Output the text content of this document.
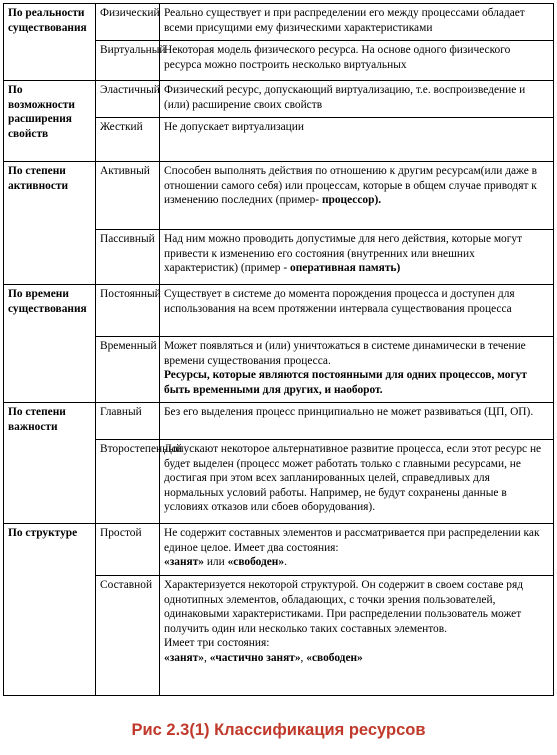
По реальности существования	Физический	Реально существует и при распределении его между процессами обладает всеми присущими ему физическими характеристиками
	Виртуальный	Некоторая модель физического ресурса. На основе одного физического ресурса можно построить несколько виртуальных
По возможности расширения свойств	Эластичный	Физический ресурс, допускающий виртуализацию, т.е. воспроизведение и (или) расширение своих свойств
	Жесткий	Не допускает виртуализации
По степени активности	Активный	Способен выполнять действия по отношению к другим ресурсам(или даже в отношении самого себя) или процессам, которые в общем случае приводят к изменению последних (пример- процессор).
	Пассивный	Над ним можно проводить допустимые для него действия, которые могут привести к изменению его состояния (внутренних или внешних характеристик) (пример - оперативная память)
По времени существования	Постоянный	Существует в системе до момента порождения процесса и доступен для использования на всем протяжении интервала существования процесса
	Временный	Может появляться и (или) уничтожаться в системе динамически в течение времени существования процесса.
Ресурсы, которые являются постоянными для одних процессов, могут быть временными для других, и наоборот.

По степени важности	Главный	Без его выделения процесс принципиально не может развиваться (ЦП, ОП).
	Второстепенный	Допускают некоторое альтернативное развитие процесса, если этот ресурс не будет выделен (процесс может работать только с главными ресурсами, не достигая при этом всех запланированных целей, справедливых для нормальных условий работы. Например, не будут сохранены данные в условиях отказов или сбоев оборудования).
По структуре	Простой	Не содержит составных элементов и рассматривается при распределении как единое целое. Имеет два состояния:
«занят» или «свободен».
	Составной	Характеризуется некоторой структурой. Он содержит в своем составе ряд однотипных элементов, обладающих, с точки зрения пользователей, одинаковыми характеристиками. При распределении пользователь может получить один или несколько таких составных элементов.
Имеет три состояния:
«занят», «частично занят», «свободен»
Рис 2.3(1) Классификация ресурсов
